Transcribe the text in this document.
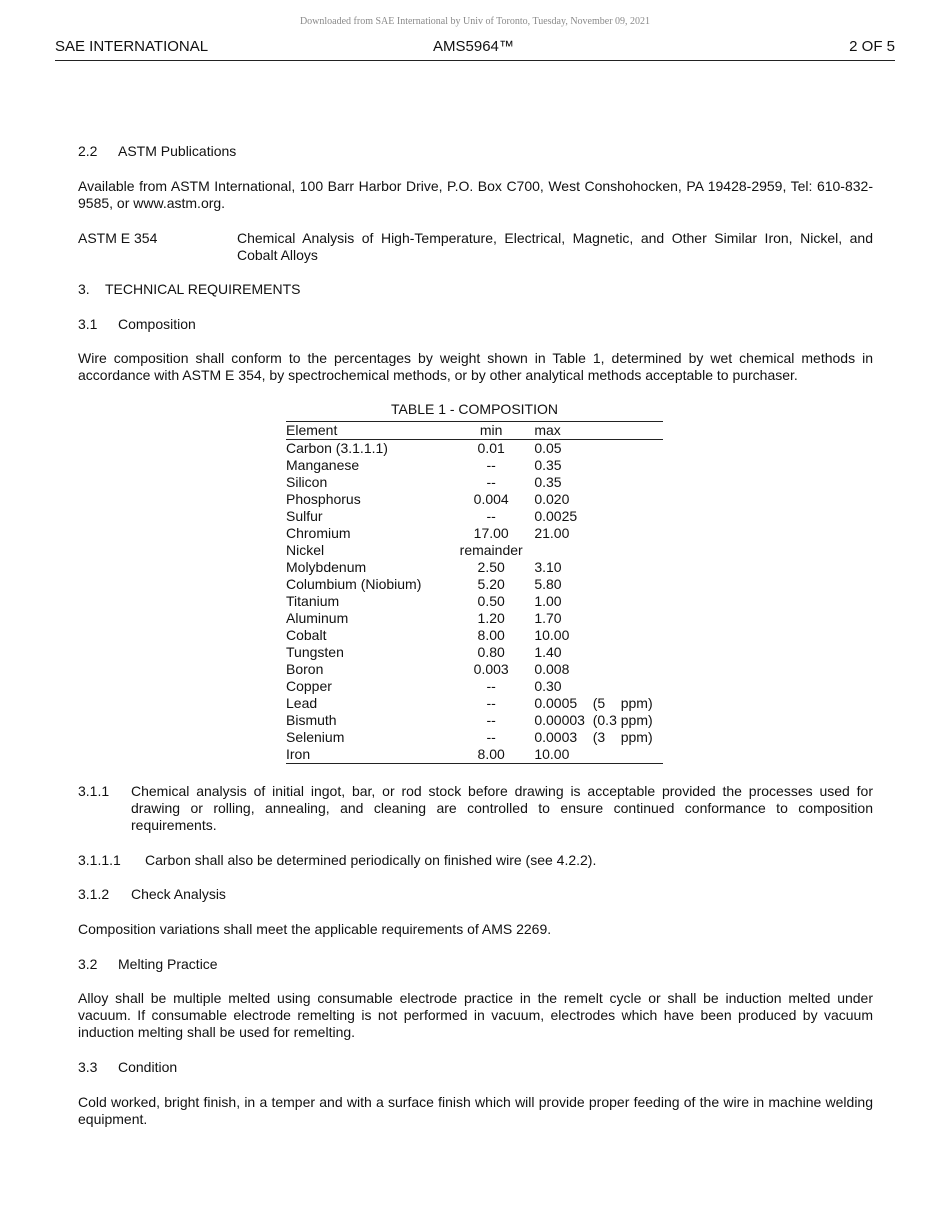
Downloaded from SAE International by Univ of Toronto, Tuesday, November 09, 2021
SAE INTERNATIONAL	AMS5964™	2 OF 5
2.2 ASTM Publications
Available from ASTM International, 100 Barr Harbor Drive, P.O. Box C700, West Conshohocken, PA 19428-2959, Tel: 610-832-9585, or www.astm.org.
ASTM E 354	Chemical Analysis of High-Temperature, Electrical, Magnetic, and Other Similar Iron, Nickel, and Cobalt Alloys
3. TECHNICAL REQUIREMENTS
3.1 Composition
Wire composition shall conform to the percentages by weight shown in Table 1, determined by wet chemical methods in accordance with ASTM E 354, by spectrochemical methods, or by other analytical methods acceptable to purchaser.
TABLE 1 - COMPOSITION
Element	min	max
Carbon (3.1.1.1)	0.01	0.05
Manganese	--	0.35
Silicon	--	0.35
Phosphorus	0.004	0.020
Sulfur	--	0.0025
Chromium	17.00	21.00
Nickel	remainder	
Molybdenum	2.50	3.10
Columbium (Niobium)	5.20	5.80
Titanium	0.50	1.00
Aluminum	1.20	1.70
Cobalt	8.00	10.00
Tungsten	0.80	1.40
Boron	0.003	0.008
Copper	--	0.30
Lead	--	0.0005    (5    ppm)
Bismuth	--	0.00003  (0.3 ppm)
Selenium	--	0.0003    (3    ppm)
Iron	8.00	10.00
3.1.1 Chemical analysis of initial ingot, bar, or rod stock before drawing is acceptable provided the processes used for drawing or rolling, annealing, and cleaning are controlled to ensure continued conformance to composition requirements.
3.1.1.1 Carbon shall also be determined periodically on finished wire (see 4.2.2).
3.1.2 Check Analysis
Composition variations shall meet the applicable requirements of AMS 2269.
3.2 Melting Practice
Alloy shall be multiple melted using consumable electrode practice in the remelt cycle or shall be induction melted under vacuum. If consumable electrode remelting is not performed in vacuum, electrodes which have been produced by vacuum induction melting shall be used for remelting.
3.3 Condition
Cold worked, bright finish, in a temper and with a surface finish which will provide proper feeding of the wire in machine welding equipment.
